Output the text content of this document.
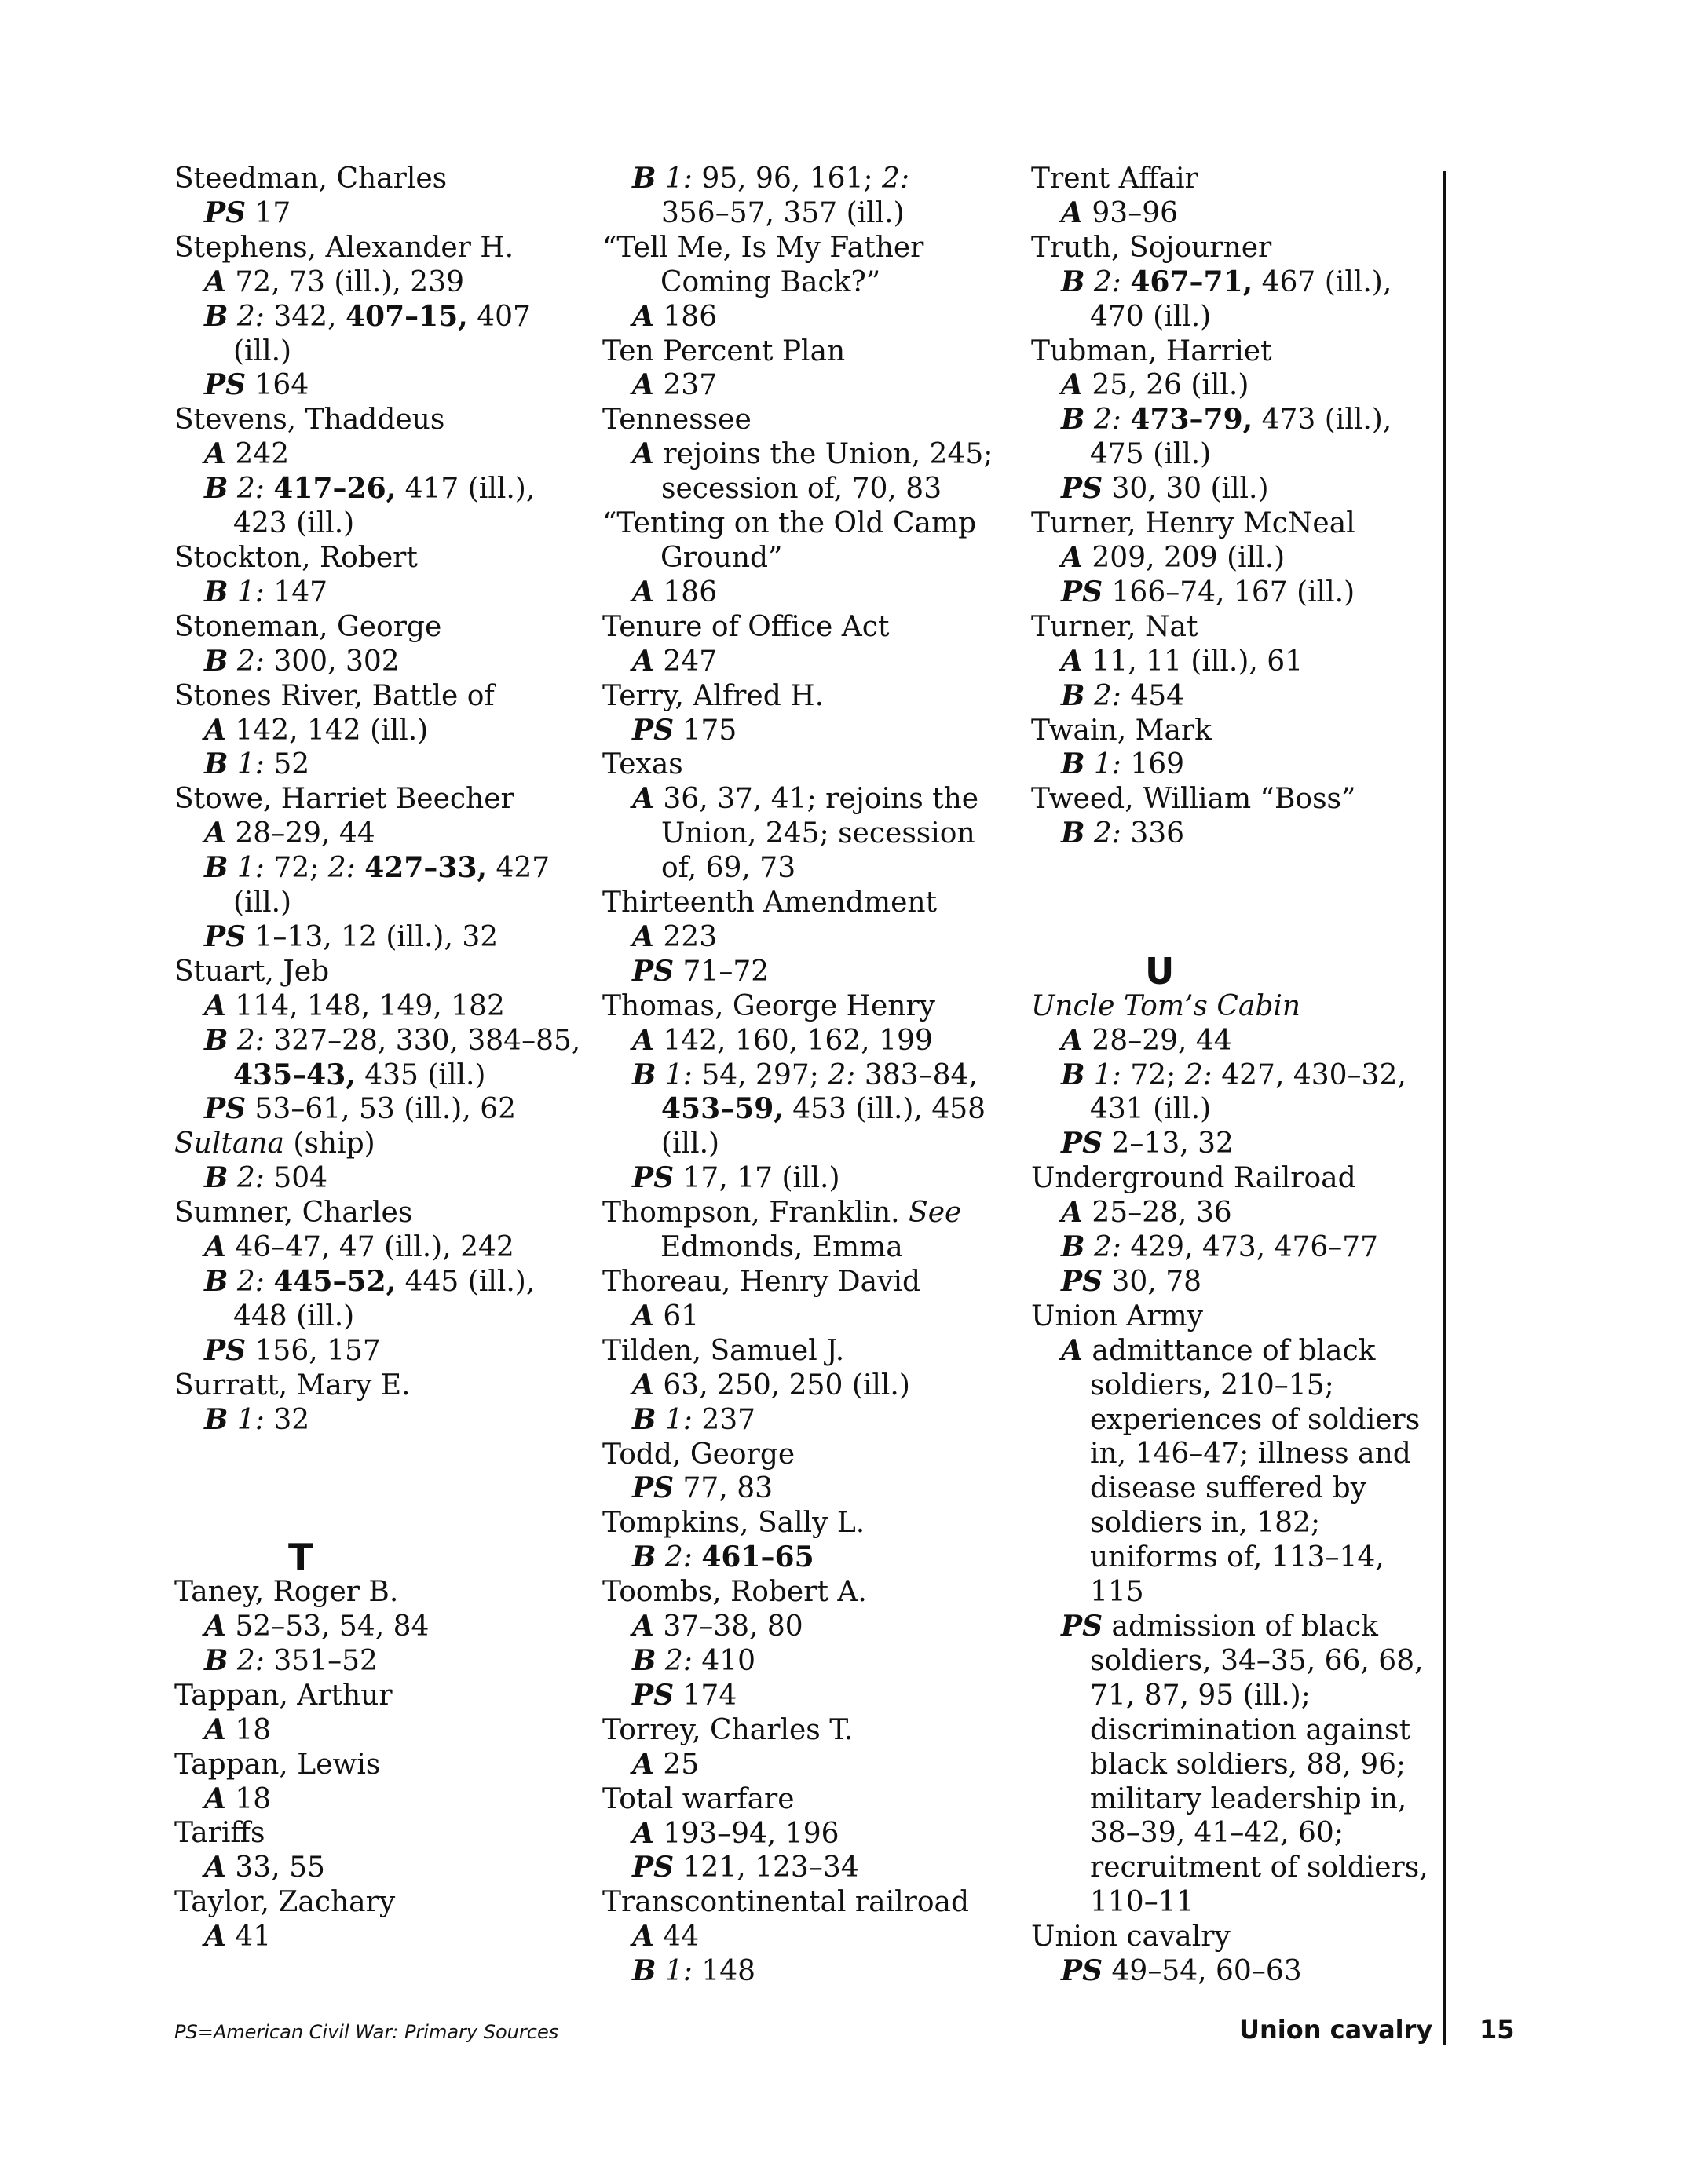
Steedman, Charles
PS 17
Stephens, Alexander H.
A 72, 73 (ill.), 239
B 2: 342, 407–15, 407
(ill.)
PS 164
Stevens, Thaddeus
A 242
B 2: 417–26, 417 (ill.),
423 (ill.)
Stockton, Robert
B 1: 147
Stoneman, George
B 2: 300, 302
Stones River, Battle of
A 142, 142 (ill.)
B 1: 52
Stowe, Harriet Beecher
A 28–29, 44
B 1: 72; 2: 427–33, 427
(ill.)
PS 1–13, 12 (ill.), 32
Stuart, Jeb
A 114, 148, 149, 182
B 2: 327–28, 330, 384–85,
435–43, 435 (ill.)
PS 53–61, 53 (ill.), 62
Sultana (ship)
B 2: 504
Sumner, Charles
A 46–47, 47 (ill.), 242
B 2: 445–52, 445 (ill.),
448 (ill.)
PS 156, 157
Surratt, Mary E.
B 1: 32
T
Taney, Roger B.
A 52–53, 54, 84
B 2: 351–52
Tappan, Arthur
A 18
Tappan, Lewis
A 18
Tariffs
A 33, 55
Taylor, Zachary
A 41
B 1: 95, 96, 161; 2:
356–57, 357 (ill.)
“Tell Me, Is My Father
Coming Back?”
A 186
Ten Percent Plan
A 237
Tennessee
A rejoins the Union, 245;
secession of, 70, 83
“Tenting on the Old Camp
Ground”
A 186
Tenure of Office Act
A 247
Terry, Alfred H.
PS 175
Texas
A 36, 37, 41; rejoins the
Union, 245; secession
of, 69, 73
Thirteenth Amendment
A 223
PS 71–72
Thomas, George Henry
A 142, 160, 162, 199
B 1: 54, 297; 2: 383–84,
453–59, 453 (ill.), 458
(ill.)
PS 17, 17 (ill.)
Thompson, Franklin. See
Edmonds, Emma
Thoreau, Henry David
A 61
Tilden, Samuel J.
A 63, 250, 250 (ill.)
B 1: 237
Todd, George
PS 77, 83
Tompkins, Sally L.
B 2: 461–65
Toombs, Robert A.
A 37–38, 80
B 2: 410
PS 174
Torrey, Charles T.
A 25
Total warfare
A 193–94, 196
PS 121, 123–34
Transcontinental railroad
A 44
B 1: 148
Trent Affair
A 93–96
Truth, Sojourner
B 2: 467–71, 467 (ill.),
470 (ill.)
Tubman, Harriet
A 25, 26 (ill.)
B 2: 473–79, 473 (ill.),
475 (ill.)
PS 30, 30 (ill.)
Turner, Henry McNeal
A 209, 209 (ill.)
PS 166–74, 167 (ill.)
Turner, Nat
A 11, 11 (ill.), 61
B 2: 454
Twain, Mark
B 1: 169
Tweed, William “Boss”
B 2: 336
U
Uncle Tom’s Cabin
A 28–29, 44
B 1: 72; 2: 427, 430–32,
431 (ill.)
PS 2–13, 32
Underground Railroad
A 25–28, 36
B 2: 429, 473, 476–77
PS 30, 78
Union Army
A admittance of black
soldiers, 210–15;
experiences of soldiers
in, 146–47; illness and
disease suffered by
soldiers in, 182;
uniforms of, 113–14,
115
PS admission of black
soldiers, 34–35, 66, 68,
71, 87, 95 (ill.);
discrimination against
black soldiers, 88, 96;
military leadership in,
38–39, 41–42, 60;
recruitment of soldiers,
110–11
Union cavalry
PS 49–54, 60–63
PS=American Civil War: Primary Sources	Union cavalry 15
